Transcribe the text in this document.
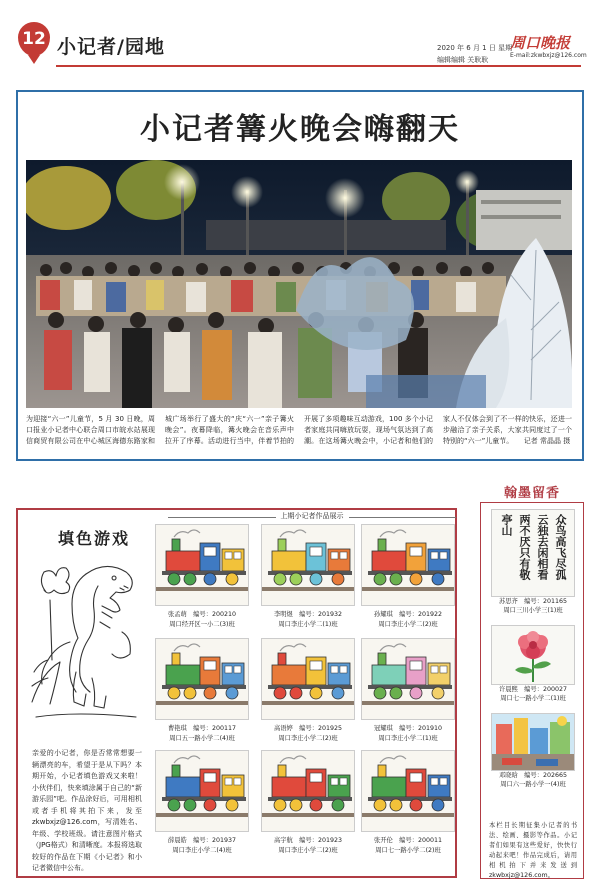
12 小记者/园地	2020 年 6 月 1 日 星期一
编辑编辑 关耿耿
周口晚报
E-mail:zkwbxjz@126.com
小记者篝火晚会嗨翻天
为迎接“六一”儿童节，5 月 30 日晚，周口报业小记者中心联合周口市皖水站展现信商贸有限公司在中心城区海德东路家和城广场举行了盛大的“庆“六一”亲子篝火晚会”。夜幕降临，篝火晚会在音乐声中拉开了序幕。活动进行当中，伴着节拍的开展了多项趣味互动游戏，100 多个小记者家庭共同嗨放玩耍，现场气氛达到了高潮。在这场篝火晚会中，小记者和他们的家人不仅体会到了不一样的快乐，还进一步融洽了亲子关系，大家共同度过了一个特别的“六一”儿童节。　　记者 常晶晶 摄
填色游戏
亲爱的小记者，你是否常常想要一辆漂亮的车，希望于是从下吗？本期开始，小记者填色游戏又来啦！小伙伴们，快来填涂属于自己的“新游乐园”吧。作品涂好后，可用相机或者手机将其拍下来，发至zkwbxjz@126.com，写清姓名、年级、学校班级。请注意图片格式（JPG格式）和清晰度。本报将选取较好的作品在下期《小记者》和小记者微信中公布。
上期小记者作品展示
张孟萌　 编号：200210
周口经开区一小二(3)班
李明煜　 编号：201932
周口李庄小学二(1)班
孙耀琪　 编号：201922
周口李庄小学二(2)班
曹艳琪　 编号：200117
周口五一路小学二(4)班
高语婷　 编号：201925
周口李庄小学二(2)班
冠耀琪　 编号：201910
周口李庄小学二(1)班
薛晨皓　 编号：201937
周口李庄小学二(4)班
高宇航　 编号：201923
周口李庄小学二(2)班
张开伦　 编号：200011
周口七一路小学二(2)班
翰墨留香
众鸟高飞尽孤
云独去闲相看
两不厌只有敬
亭山
苏思齐　 编号：201165
周口三川小学三(1)班
许晨熙　 编号：200027
周口七一路小学二(1)班
邓晓晗　 编号：202665
周口六一路小学一(4)班
本栏目长期征集小记者的书法、绘画、摄影等作品。小记者们如果有这些爱好，快快行动起来吧！作品完成后，请用相机拍下并来发送到zkwbxjz@126.com。
